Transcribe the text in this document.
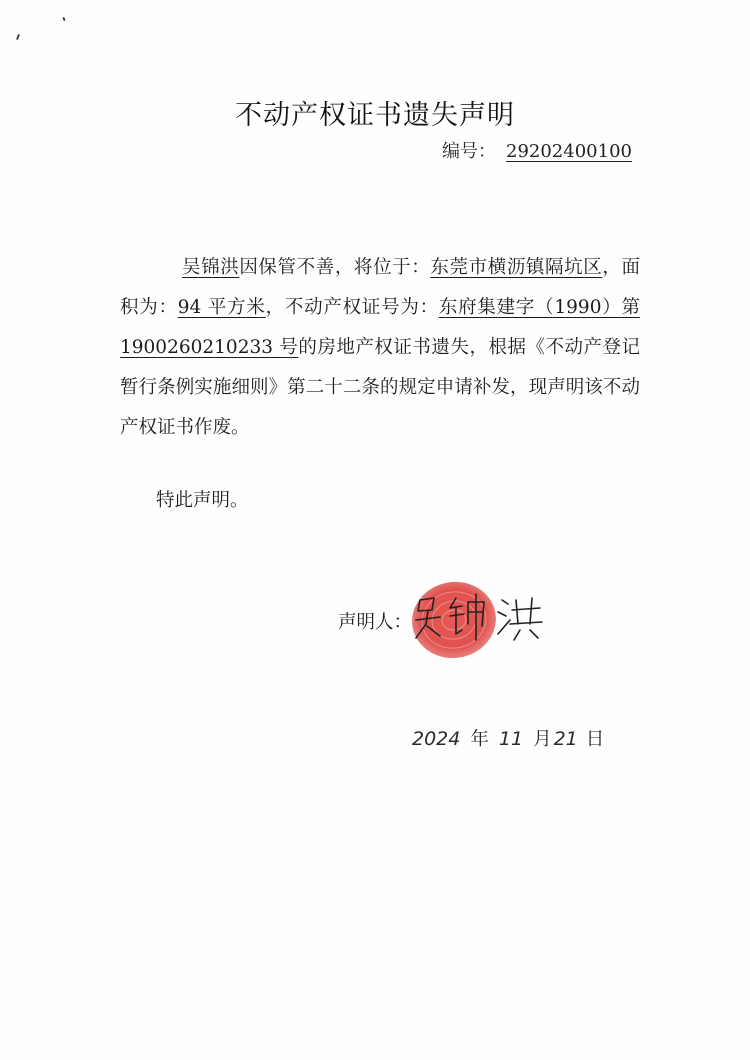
不动产权证书遗失声明
编号： 29202400100

吴锦洪因保管不善，将位于：东莞市横沥镇隔坑区，面积为：94 平方米，不动产权证号为：东府集建字（1990）第 1900260210233 号的房地产权证书遗失，根据《不动产登记暂行条例实施细则》第二十二条的规定申请补发，现声明该不动产权证书作废。

特此声明。
声明人：
2024 年 11 月 21 日
